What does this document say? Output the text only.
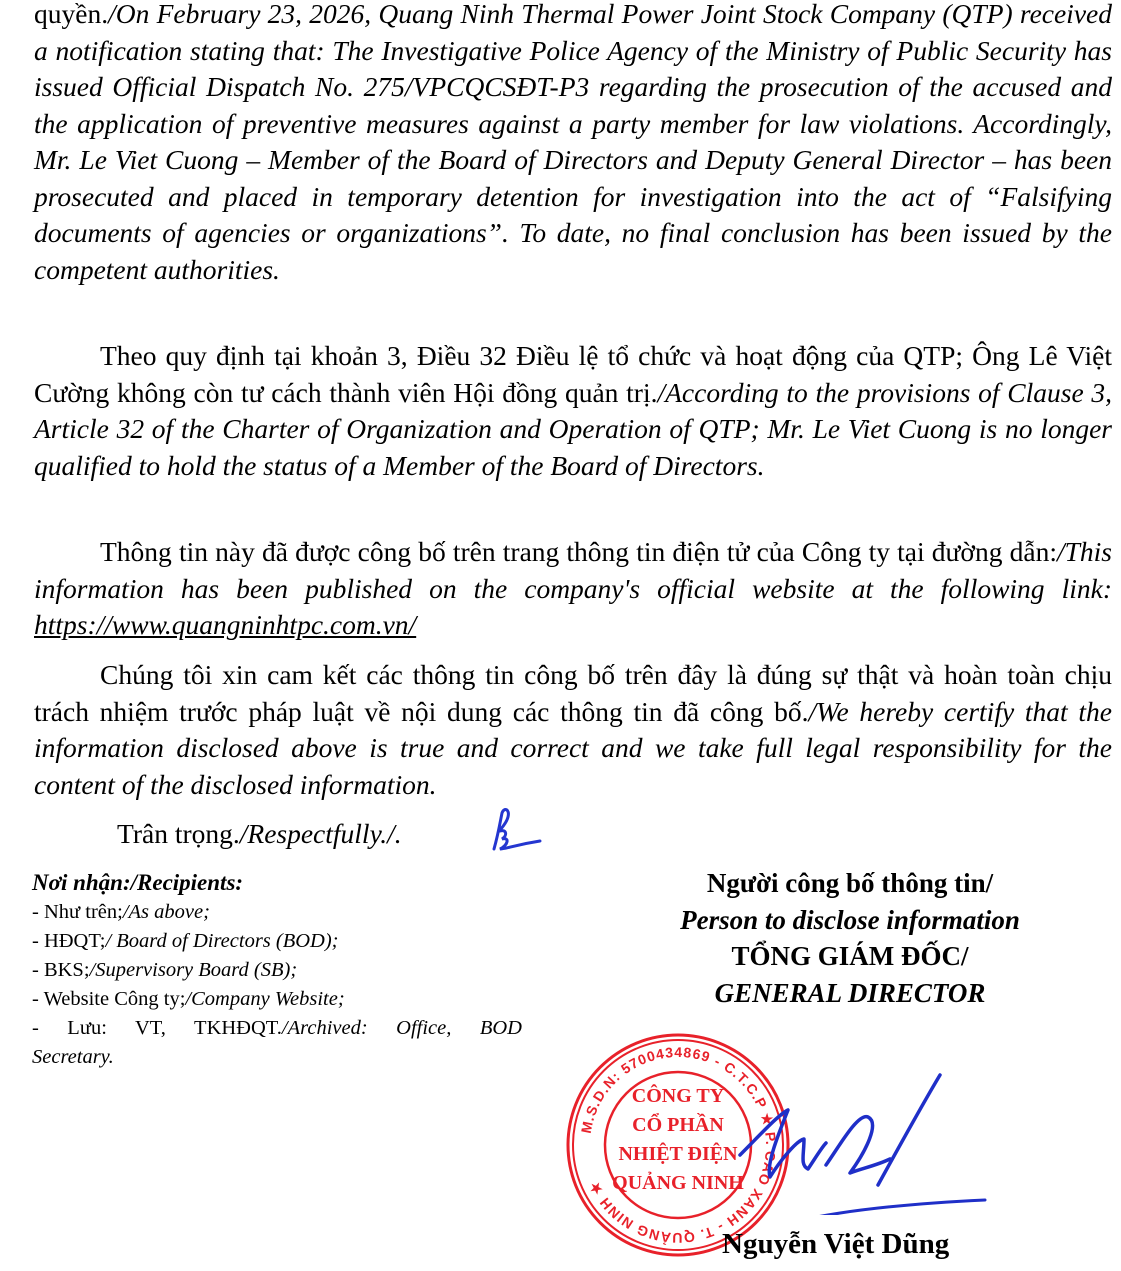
quyền./On February 23, 2026, Quang Ninh Thermal Power Joint Stock Company (QTP) received a notification stating that: The Investigative Police Agency of the Ministry of Public Security has issued Official Dispatch No. 275/VPCQCSĐT-P3 regarding the prosecution of the accused and the application of preventive measures against a party member for law violations. Accordingly, Mr. Le Viet Cuong – Member of the Board of Directors and Deputy General Director – has been prosecuted and placed in temporary detention for investigation into the act of “Falsifying documents of agencies or organizations”. To date, no final conclusion has been issued by the competent authorities.

Theo quy định tại khoản 3, Điều 32 Điều lệ tổ chức và hoạt động của QTP; Ông Lê Việt Cường không còn tư cách thành viên Hội đồng quản trị./According to the provisions of Clause 3, Article 32 of the Charter of Organization and Operation of QTP; Mr. Le Viet Cuong is no longer qualified to hold the status of a Member of the Board of Directors.

Thông tin này đã được công bố trên trang thông tin điện tử của Công ty tại đường dẫn:/This information has been published on the company's official website at the following link: https://www.quangninhtpc.com.vn/

Chúng tôi xin cam kết các thông tin công bố trên đây là đúng sự thật và hoàn toàn chịu trách nhiệm trước pháp luật về nội dung các thông tin đã công bố./We hereby certify that the information disclosed above is true and correct and we take full legal responsibility for the content of the disclosed information.

Trân trọng./Respectfully./.
Nơi nhận:/Recipients:
- Như trên;/As above;
- HĐQT;/ Board of Directors (BOD);
- BKS;/Supervisory Board (SB);
- Website Công ty;/Company Website;
- Lưu: VT, TKHĐQT./Archived: Office, BOD Secretary.
Người công bố thông tin/
Person to disclose information
TỔNG GIÁM ĐỐC/
GENERAL DIRECTOR
M.S.D.N: 5700434869 - C.T.C.P ★ P. CAO XANH - T. QUẢNG NINH ★
CÔNG TY
CỔ PHẦN
NHIỆT ĐIỆN
QUẢNG NINH
Nguyễn Việt Dũng
